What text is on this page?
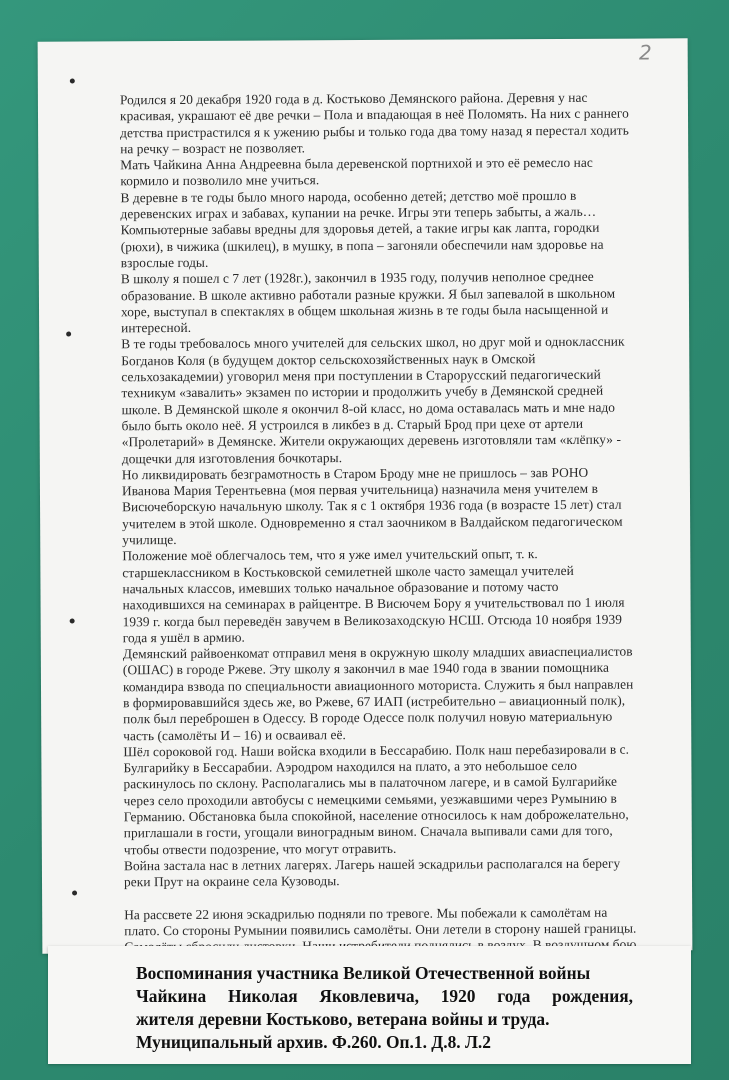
2

Родился я 20 декабря 1920 года в д. Костьково Демянского района. Деревня у нас красивая, украшают её две речки – Пола и впадающая в неё Поломять. На них с раннего детства пристрастился я к ужению рыбы и только года два тому назад я перестал ходить на речку – возраст не позволяет.

Мать Чайкина Анна Андреевна была деревенской портнихой и это её ремесло нас кормило и позволило мне учиться.

В деревне в те годы было много народа, особенно детей; детство моё прошло в деревенских играх и забавах, купании на речке. Игры эти теперь забыты, а жаль… Компьютерные забавы вредны для здоровья детей, а такие игры как лапта, городки (рюхи), в чижика (шкилец), в мушку, в попа – загоняли обеспечили нам здоровье на взрослые годы.

В школу я пошел с 7 лет (1928г.), закончил в 1935 году, получив неполное среднее образование. В школе активно работали разные кружки. Я был запевалой в школьном хоре, выступал в спектаклях в общем школьная жизнь в те годы была насыщенной и интересной.

В те годы требовалось много учителей для сельских школ, но друг мой и одноклассник Богданов Коля (в будущем доктор сельскохозяйственных наук в Омской сельхозакадемии) уговорил меня при поступлении в Старорусский педагогический техникум «завалить» экзамен по истории и продолжить учебу в Демянской средней школе. В Демянской школе я окончил 8-ой класс, но дома оставалась мать и мне надо было быть около неё. Я устроился в ликбез в д. Старый Брод при цехе от артели «Пролетарий» в Демянске. Жители окружающих деревень изготовляли там «клёпку» - дощечки для изготовления бочкотары.

Но ликвидировать безграмотность в Старом Броду мне не пришлось – зав РОНО Иванова Мария Терентьевна (моя первая учительница) назначила меня учителем в Висючеборскую начальную школу. Так я с 1 октября 1936 года (в возрасте 15 лет) стал учителем в этой школе. Одновременно я стал заочником в Валдайском педагогическом училище.

Положение моё облегчалось тем, что я уже имел учительский опыт, т. к. старшеклассником в Костьковской семилетней школе часто замещал учителей начальных классов, имевших только начальное образование и потому часто находившихся на семинарах в райцентре. В Висючем Бору я учительствовал по 1 июля 1939 г. когда был переведён завучем в Великозаходскую НСШ. Отсюда 10 ноября 1939 года я ушёл в армию.

Демянский райвоенкомат отправил меня в окружную школу младших авиаспециалистов (ОШАС) в городе Ржеве. Эту школу я закончил в мае 1940 года в звании помощника командира взвода по специальности авиационного моториста. Служить я был направлен в формировавшийся здесь же, во Ржеве, 67 ИАП (истребительно – авиационный полк), полк был переброшен в Одессу. В городе Одессе полк получил новую материальную часть (самолёты И – 16) и осваивал её.

Шёл сороковой год. Наши войска входили в Бессарабию. Полк наш перебазировали в с. Булгарийку в Бессарабии. Аэродром находился на плато, а это небольшое село раскинулось по склону. Располагались мы в палаточном лагере, и в самой Булгарийке через село проходили автобусы с немецкими семьями, уезжавшими через Румынию в Германию. Обстановка была спокойной, население относилось к нам доброжелательно, приглашали в гости, угощали виноградным вином. Сначала выпивали сами для того, чтобы отвести подозрение, что могут отравить.

Война застала нас в летних лагерях. Лагерь нашей эскадрильи располагался на берегу реки Прут на окраине села Кузоводы.

На рассвете 22 июня эскадрилью подняли по тревоге. Мы побежали к самолётам на плато. Со стороны Румынии появились самолёты. Они летели в сторону нашей границы. воздух. В воздушном бою

Воспоминания участника Великой Отечественной войны
Чайкина Николая Яковлевича, 1920 года рождения,
жителя деревни Костьково, ветерана войны и труда.
Муниципальный архив. Ф.260. Оп.1. Д.8. Л.2
